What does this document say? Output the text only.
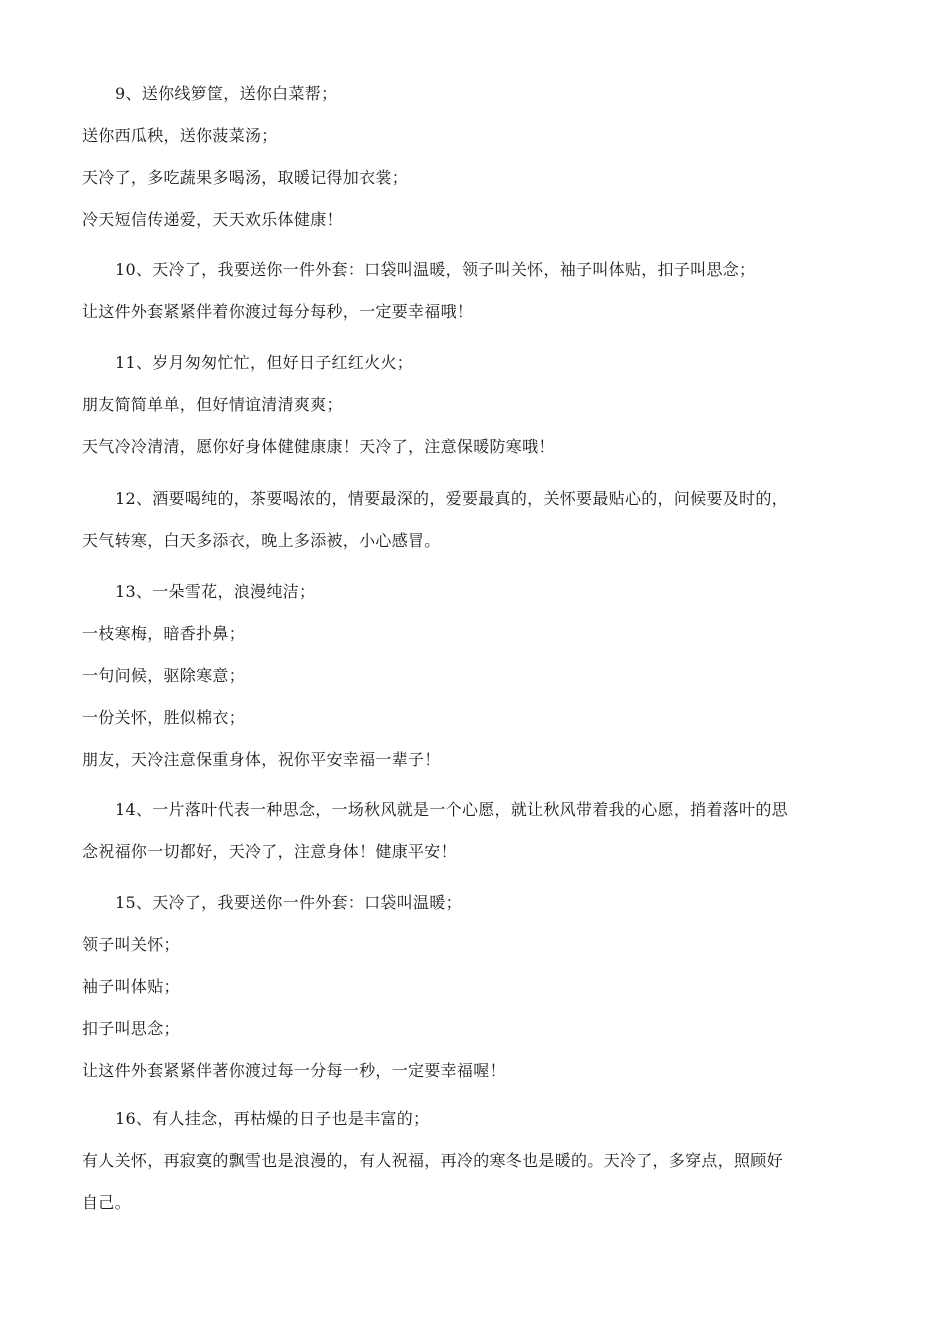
9、送你线箩筐，送你白菜帮；
送你西瓜秧，送你菠菜汤；
天冷了，多吃蔬果多喝汤，取暖记得加衣裳；
冷天短信传递爱，天天欢乐体健康！
10、天冷了，我要送你一件外套：口袋叫温暖，领子叫关怀，袖子叫体贴，扣子叫思念；
让这件外套紧紧伴着你渡过每分每秒，一定要幸福哦！
11、岁月匆匆忙忙，但好日子红红火火；
朋友简简单单，但好情谊清清爽爽；
天气冷冷清清，愿你好身体健健康康！天冷了，注意保暖防寒哦！
12、酒要喝纯的，茶要喝浓的，情要最深的，爱要最真的，关怀要最贴心的，问候要及时的，
天气转寒，白天多添衣，晚上多添被，小心感冒。
13、一朵雪花，浪漫纯洁；
一枝寒梅，暗香扑鼻；
一句问候，驱除寒意；
一份关怀，胜似棉衣；
朋友，天冷注意保重身体，祝你平安幸福一辈子！
14、一片落叶代表一种思念，一场秋风就是一个心愿，就让秋风带着我的心愿，捎着落叶的思
念祝福你一切都好，天冷了，注意身体！健康平安！
15、天冷了，我要送你一件外套：口袋叫温暖；
领子叫关怀；
袖子叫体贴；
扣子叫思念；
让这件外套紧紧伴著你渡过每一分每一秒，一定要幸福喔！
16、有人挂念，再枯燥的日子也是丰富的；
有人关怀，再寂寞的飘雪也是浪漫的，有人祝福，再冷的寒冬也是暖的。天冷了，多穿点，照顾好
自己。
